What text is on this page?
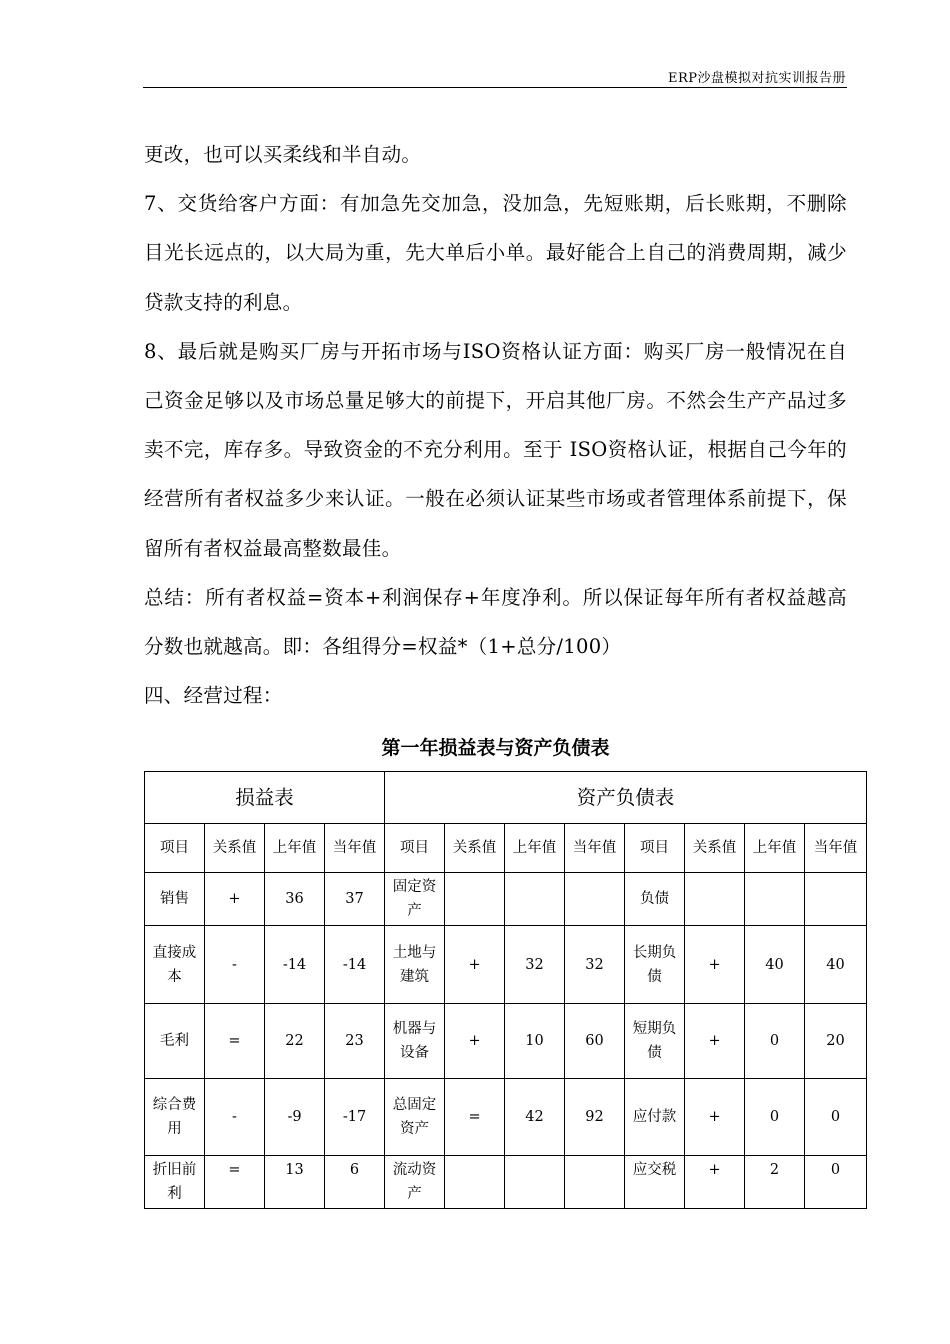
ERP沙盘模拟对抗实训报告册

更改，也可以买柔线和半自动。

7、交货给客户方面：有加急先交加急，没加急，先短账期，后长账期，不删除目光长远点的，以大局为重，先大单后小单。最好能合上自己的消费周期，减少贷款支持的利息。

8、最后就是购买厂房与开拓市场与ISO资格认证方面：购买厂房一般情况在自己资金足够以及市场总量足够大的前提下，开启其他厂房。不然会生产产品过多卖不完，库存多。导致资金的不充分利用。至于 ISO资格认证，根据自己今年的经营所有者权益多少来认证。一般在必须认证某些市场或者管理体系前提下，保留所有者权益最高整数最佳。

总结：所有者权益=资本+利润保存+年度净利。所以保证每年所有者权益越高分数也就越高。即：各组得分=权益*（1+总分/100）

四、经营过程：

第一年损益表与资产负债表
损益表				资产负债表							
项目	关系值	上年值	当年值	项目	关系值	上年值	当年值	项目	关系值	上年值	当年值
销售	+	36	37	固定资产				负债			
直接成本	-	-14	-14	土地与建筑	+	32	32	长期负债	+	40	40
毛利	=	22	23	机器与设备	+	10	60	短期负债	+	0	20
综合费用	-	-9	-17	总固定资产	=	42	92	应付款	+	0	0
折旧前利	=	13	6	流动资产				应交税	+	2	0
